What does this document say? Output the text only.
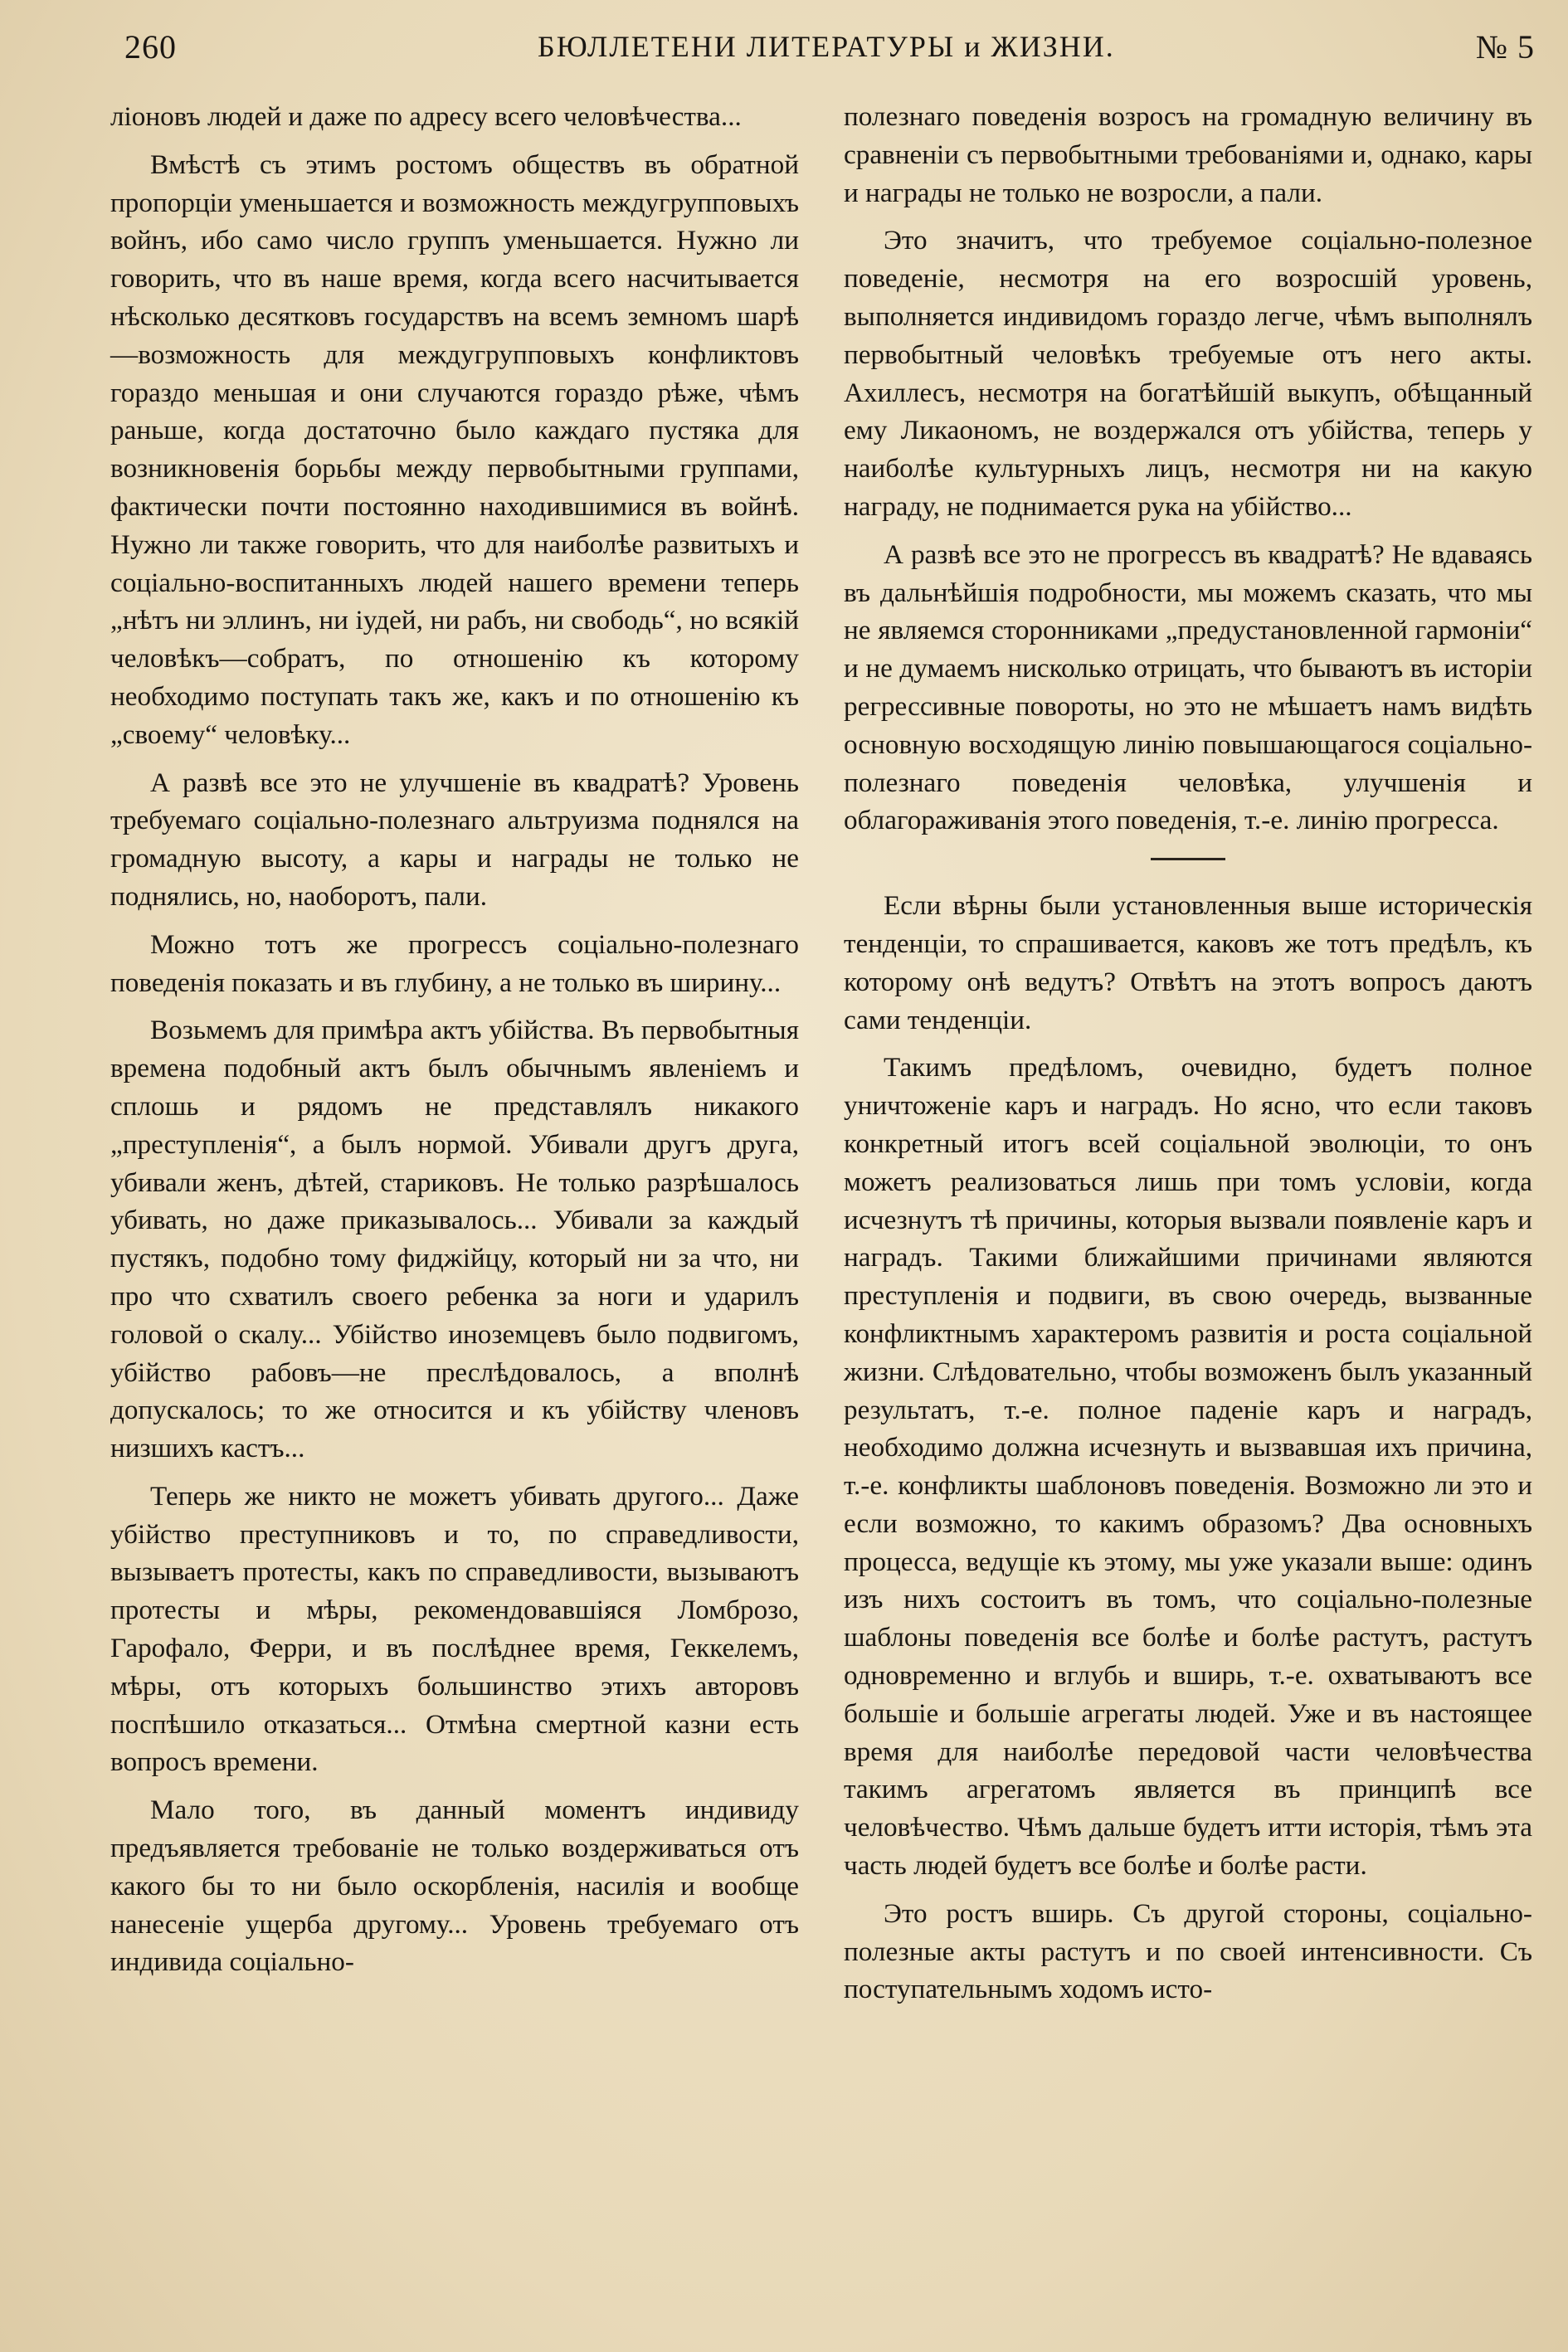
260	БЮЛЛЕТЕНИ ЛИТЕРАТУРЫ и ЖИЗНИ.	№ 5

ліоновъ людей и даже по адресу всего человѣчества...

Вмѣстѣ съ этимъ ростомъ обществъ въ обратной пропорціи уменьшается и возможность междугрупповыхъ войнъ, ибо само число группъ уменьшается. Нужно ли говорить, что въ наше время, когда всего насчитывается нѣсколько десятковъ государствъ на всемъ земномъ шарѣ—возможность для междугрупповыхъ конфликтовъ гораздо меньшая и они случаются гораздо рѣже, чѣмъ раньше, когда достаточно было каждаго пустяка для возникновенія борьбы между первобытными группами, фактически почти постоянно находившимися въ войнѣ. Нужно ли также говорить, что для наиболѣе развитыхъ и соціально-воспитанныхъ людей нашего времени теперь „нѣтъ ни эллинъ, ни іудей, ни рабъ, ни свободь“, но всякій человѣкъ—собратъ, по отношенію къ которому необходимо поступать такъ же, какъ и по отношенію къ „своему“ человѣку...

А развѣ все это не улучшеніе въ квадратѣ? Уровень требуемаго соціально-полезнаго альтруизма поднялся на громадную высоту, а кары и награды не только не поднялись, но, наоборотъ, пали.

Можно тотъ же прогрессъ соціально-полезнаго поведенія показать и въ глубину, а не только въ ширину...

Возьмемъ для примѣра актъ убійства. Въ первобытныя времена подобный актъ былъ обычнымъ явленіемъ и сплошь и рядомъ не представлялъ никакого „преступленія“, а былъ нормой. Убивали другъ друга, убивали женъ, дѣтей, стариковъ. Не только разрѣшалось убивать, но даже приказывалось... Убивали за каждый пустякъ, подобно тому фиджійцу, который ни за что, ни про что схватилъ своего ребенка за ноги и ударилъ головой о скалу... Убійство иноземцевъ было подвигомъ, убійство рабовъ—не преслѣдовалось, а вполнѣ допускалось; то же относится и къ убійству членовъ низшихъ кастъ...

Теперь же никто не можетъ убивать другого... Даже убійство преступниковъ и то, по справедливости, вызываетъ протесты, какъ по справедливости, вызываютъ протесты и мѣры, рекомендовавшіяся Ломброзо, Гарофало, Ферри, и въ послѣднее время, Геккелемъ, мѣры, отъ которыхъ большинство этихъ авторовъ поспѣшило отказаться... Отмѣна смертной казни есть вопросъ времени.

Мало того, въ данный моментъ индивиду предъявляется требованіе не только воздерживаться отъ какого бы то ни было оскорбленія, насилія и вообще нанесеніе ущерба другому... Уровень требуемаго отъ индивида соціально-

полезнаго поведенія возросъ на громадную величину въ сравненіи съ первобытными требованіями и, однако, кары и награды не только не возросли, а пали.

Это значитъ, что требуемое соціально-полезное поведеніе, несмотря на его возросшій уровень, выполняется индивидомъ гораздо легче, чѣмъ выполнялъ первобытный человѣкъ требуемые отъ него акты. Ахиллесъ, несмотря на богатѣйшій выкупъ, обѣщанный ему Ликаономъ, не воздержался отъ убійства, теперь у наиболѣе культурныхъ лицъ, несмотря ни на какую награду, не поднимается рука на убійство...

А развѣ все это не прогрессъ въ квадратѣ? Не вдаваясь въ дальнѣйшія подробности, мы можемъ сказать, что мы не являемся сторонниками „предустановленной гармоніи“ и не думаемъ нисколько отрицать, что бываютъ въ исторіи регрессивные повороты, но это не мѣшаетъ намъ видѣть основную восходящую линію повышающагося соціально-полезнаго поведенія человѣка, улучшенія и облагораживанія этого поведенія, т.-е. линію прогресса.

Если вѣрны были установленныя выше историческія тенденціи, то спрашивается, каковъ же тотъ предѣлъ, къ которому онѣ ведутъ? Отвѣтъ на этотъ вопросъ даютъ сами тенденціи.

Такимъ предѣломъ, очевидно, будетъ полное уничтоженіе каръ и наградъ. Но ясно, что если таковъ конкретный итогъ всей соціальной эволюціи, то онъ можетъ реализоваться лишь при томъ условіи, когда исчезнутъ тѣ причины, которыя вызвали появленіе каръ и наградъ. Такими ближайшими причинами являются преступленія и подвиги, въ свою очередь, вызванные конфликтнымъ характеромъ развитія и роста соціальной жизни. Слѣдовательно, чтобы возможенъ былъ указанный результатъ, т.-е. полное паденіе каръ и наградъ, необходимо должна исчезнуть и вызвавшая ихъ причина, т.-е. конфликты шаблоновъ поведенія. Возможно ли это и если возможно, то какимъ образомъ? Два основныхъ процесса, ведущіе къ этому, мы уже указали выше: одинъ изъ нихъ состоитъ въ томъ, что соціально-полезные шаблоны поведенія все болѣе и болѣе растутъ, растутъ одновременно и вглубь и вширь, т.-е. охватываютъ все большіе и большіе агрегаты людей. Уже и въ настоящее время для наиболѣе передовой части человѣчества такимъ агрегатомъ является въ принципѣ все человѣчество. Чѣмъ дальше будетъ итти исторія, тѣмъ эта часть людей будетъ все болѣе и болѣе расти.

Это ростъ вширь. Съ другой стороны, соціально-полезные акты растутъ и по своей интенсивности. Съ поступательнымъ ходомъ исто-
